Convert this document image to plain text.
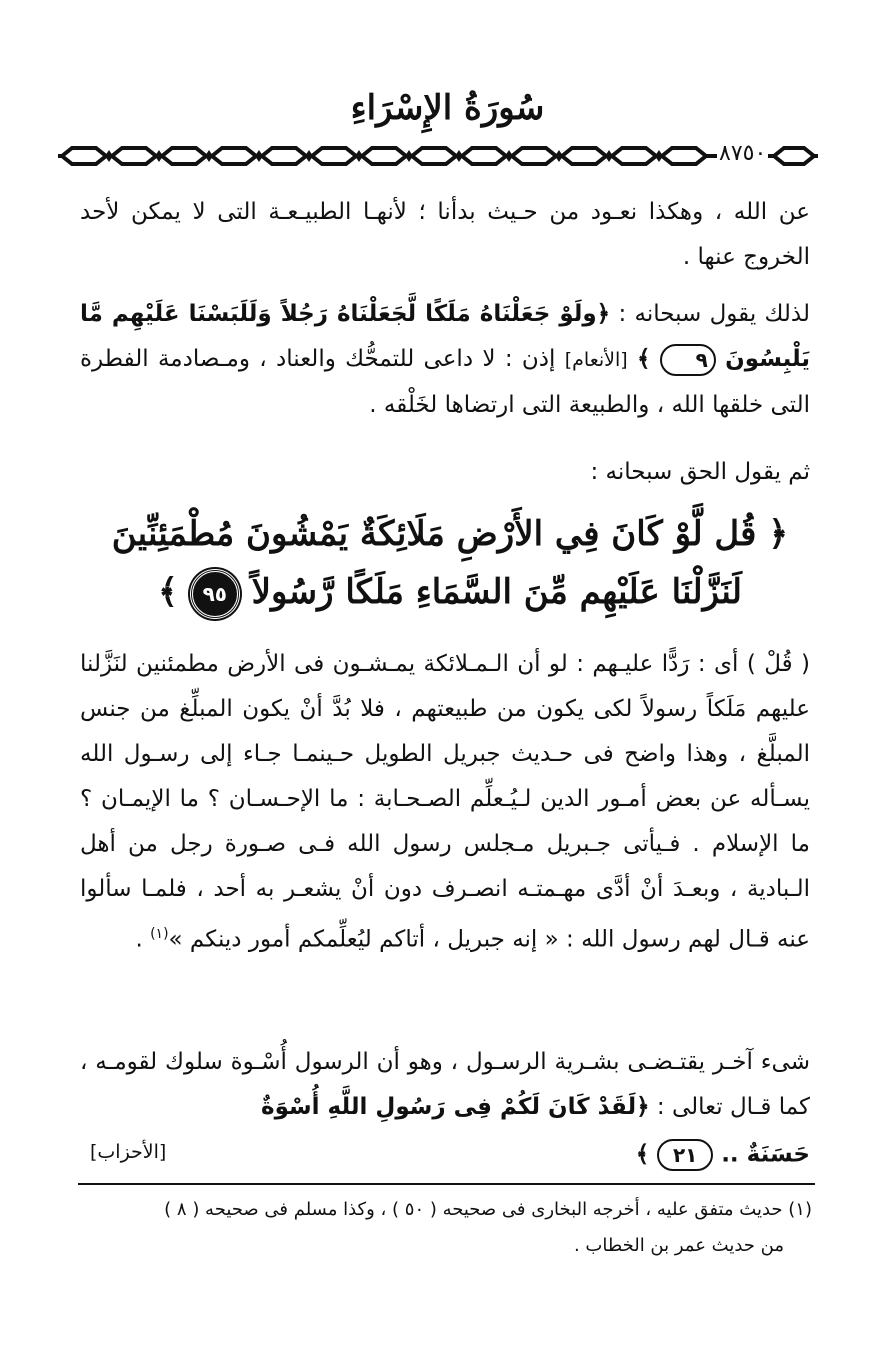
سُورَةُ الإِسْرَاءِ
٨٧٥٠
عن الله ، وهكذا نعـود من حـيث بدأنا ؛ لأنهـا الطبيـعـة التى لا يمكن لأحد الخروج عنها .
لذلك يقول سبحانه : ﴿ولَوْ جَعَلْنَاهُ مَلَكًا لَّجَعَلْنَاهُ رَجُلاً وَلَلَبَسْنَا عَلَيْهِم مَّا يَلْبِسُونَ ٩ ﴾ [الأنعام] إذن : لا داعى للتمحُّك والعناد ، ومـصادمة الفطرة التى خلقها الله ، والطبيعة التى ارتضاها لخَلْقه .
ثم يقول الحق سبحانه :
﴿ قُل لَّوْ كَانَ فِي الأَرْضِ مَلَائِكَةٌ يَمْشُونَ مُطْمَئِنِّينَ
لَنَزَّلْنَا عَلَيْهِم مِّنَ السَّمَاءِ مَلَكًا رَّسُولاً ٩٥ ﴾
( قُلْ ) أى : رَدًّا عليـهم : لو أن الـمـلائكة يمـشـون فى الأرض مطمئنين لنَزَّلنا عليهم مَلَكاً رسولاً لكى يكون من طبيعتهم ، فلا بُدَّ أنْ يكون المبلِّغ من جنس المبلَّغ ، وهذا واضح فى حـديث جبريل الطويل حـينمـا جـاء إلى رسـول الله يسـأله عن بعض أمـور الدين لـيُـعلِّم الصـحـابة : ما الإحـسـان ؟ ما الإيمـان ؟ ما الإسلام . فـيأتى جـبريل مـجلس رسول الله فـى صـورة رجل من أهل الـبادية ، وبعـدَ أنْ أدَّى مهـمتـه انصـرف دون أنْ يشعـر به أحد ، فلمـا سألوا عنه قـال لهم رسول الله : « إنه جبريل ، أتاكم ليُعلِّمكم أمور دينكم »$^{(١)}$ .
شىء آخـر يقتـضـى بشـرية الرسـول ، وهو أن الرسول أُسْـوة سلوك لقومـه ، كما قـال تعالى : ﴿لَقَدْ كَانَ لَكُمْ فِى رَسُولِ اللَّهِ أُسْوَةٌ
حَسَنَةٌ .. ٢١ ﴾
[الأحزاب]
(١) حديث متفق عليه ، أخرجه البخارى فى صحيحه ( ٥٠ ) ، وكذا مسلم فى صحيحه ( ٨ )
من حديث عمر بن الخطاب .
